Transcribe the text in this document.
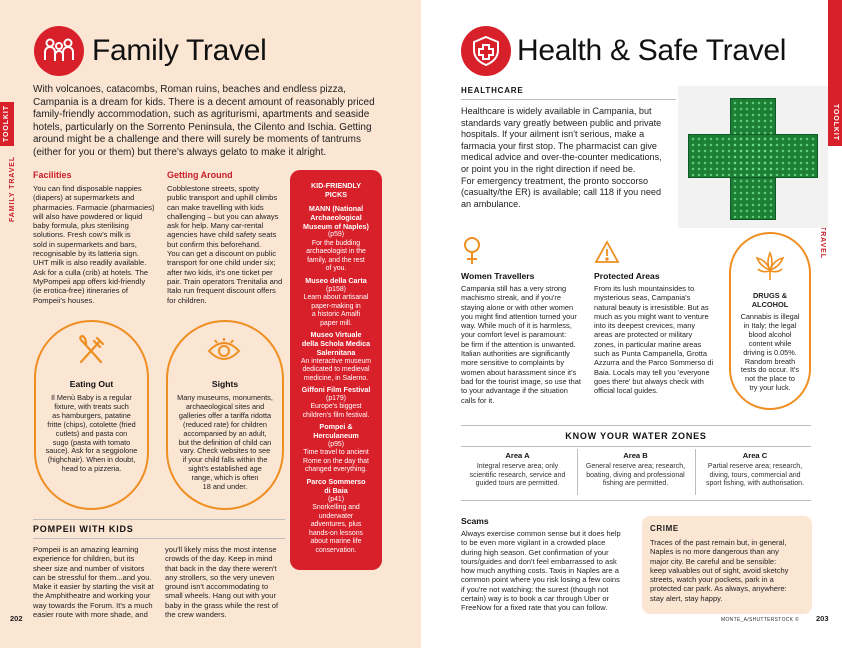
Family Travel
TOOLKIT
FAMILY TRAVEL
With volcanoes, catacombs, Roman ruins, beaches and endless pizza,
Campania is a dream for kids. There is a decent amount of reasonably priced
family-friendly accommodation, such as agriturismi, apartments and seaside
hotels, particularly on the Sorrento Peninsula, the Cilento and Ischia. Getting
around might be a challenge and there will surely be moments of tantrums
(either for you or them) but there's always gelato to make it alright.
Facilities
You can find disposable nappies
(diapers) at supermarkets and
pharmacies. Farmacie (pharmacies)
will also have powdered or liquid
baby formula, plus sterilising
solutions. Fresh cow's milk is
sold in supermarkets and bars,
recognisable by its latteria sign.
UHT milk is also readily available.
Ask for a culla (crib) at hotels. The
MyPompeii app offers kid-friendly
(ie erotica-free) itineraries of
Pompeii's houses.
Getting Around
Cobblestone streets, spotty
public transport and uphill climbs
can make travelling with kids
challenging – but you can always
ask for help. Many car-rental
agencies have child safety seats
but confirm this beforehand.
You can get a discount on public
transport for one child under six;
after two kids, it's one ticket per
pair. Train operators Trenitalia and
Italo run frequent discount offers
for children.
Eating Out
Il Menù Baby is a regular
fixture, with treats such
as hamburgers, patatine
fritte (chips), cotolette (fried
cutlets) and pasta con
sugo (pasta with tomato
sauce). Ask for a seggiolone
(highchair). When in doubt,
head to a pizzeria.
Sights
Many museums, monuments,
archaeological sites and
galleries offer a tariffa ridotta
(reduced rate) for children
accompanied by an adult,
but the definition of child can
vary. Check websites to see
if your child falls within the
sight's established age
range, which is often
18 and under.
KID-FRIENDLY
PICKS
MANN (National
Archaeological
Museum of Naples)
(p59)
For the budding
archaeologist in the
family, and the rest
of you.
Museo della Carta
(p158)
Learn about artisanal
paper-making in
a historic Amalfi
paper mill.
Museo Virtuale
della Schola Medica
Salernitana
An interactive museum
dedicated to medieval
medicine, in Salerno.
Giffoni Film Festival
(p179)
Europe's biggest
children's film festival.
Pompei &
Herculaneum
(p95)
Time travel to ancient
Rome on the day that
changed everything.
Parco Sommerso
di Baia
(p41)
Snorkelling and
underwater
adventures, plus
hands-on lessons
about marine life
conservation.
POMPEII WITH KIDS
Pompeii is an amazing learning
experience for children, but its
sheer size and number of visitors
can be stressful for them...and you.
Make it easier by starting the visit at
the Amphitheatre and working your
way towards the Forum. It's a much
easier route with more shade, and
you'll likely miss the most intense
crowds of the day. Keep in mind
that back in the day there weren't
any strollers, so the very uneven
ground isn't accommodating to
small wheels. Hang out with your
baby in the grass while the rest of
the crew wanders.
202
Health & Safe Travel
TOOLKIT
HEALTHCARE
Healthcare is widely available in Campania, but
standards vary greatly between public and private
hospitals. If your ailment isn't serious, make a
farmacia your first stop. The pharmacist can give
medical advice and over-the-counter medications,
or point you in the right direction if need be.
For emergency treatment, the pronto soccorso
(casualty/the ER) is available; call 118 if you need
an ambulance.
Women Travellers
Campania still has a very strong
machismo streak, and if you're
staying alone or with other women
you might find attention turned your
way. While much of it is harmless,
your comfort level is paramount:
be firm if the attention is unwanted.
Italian authorities are significantly
more sensitive to complaints by
women about harassment since it's
bad for the tourist image, so use that
to your advantage if the situation
calls for it.
Protected Areas
From its lush mountainsides to
mysterious seas, Campania's
natural beauty is irresistible. But as
much as you might want to venture
into its deepest crevices, many
areas are protected or military
zones, in particular marine areas
such as Punta Campanella, Grotta
Azzurra and the Parco Sommerso di
Baia. Locals may tell you 'everyone
goes there' but always check with
official local guides.
DRUGS &
ALCOHOL
Cannabis is illegal
in Italy; the legal
blood alcohol
content while
driving is 0.05%.
Random breath
tests do occur. It's
not the place to
try your luck.
KNOW YOUR WATER ZONES
Area A
Integral reserve area; only
scientific research, service and
guided tours are permitted.
Area B
General reserve area; research,
boating, diving and professional
fishing are permitted.
Area C
Partial reserve area; research,
diving, tours, commercial and
sport fishing, with authorisation.
Scams
Always exercise common sense but it does help
to be even more vigilant in a crowded place
during high season. Get confirmation of your
tours/guides and don't feel embarrassed to ask
how much anything costs. Taxis in Naples are a
common point where you risk losing a few coins
if you're not watching: the surest (though not
certain) way is to book a car through Uber or
FreeNow for a fixed rate that you can follow.
CRIME
Traces of the past remain but, in general,
Naples is no more dangerous than any
major city. Be careful and be sensible:
keep valuables out of sight, avoid sketchy
streets, watch your pockets, park in a
protected car park. As always, anywhere:
stay alert, stay happy.
MONTE_A/SHUTTERSTOCK © 203
